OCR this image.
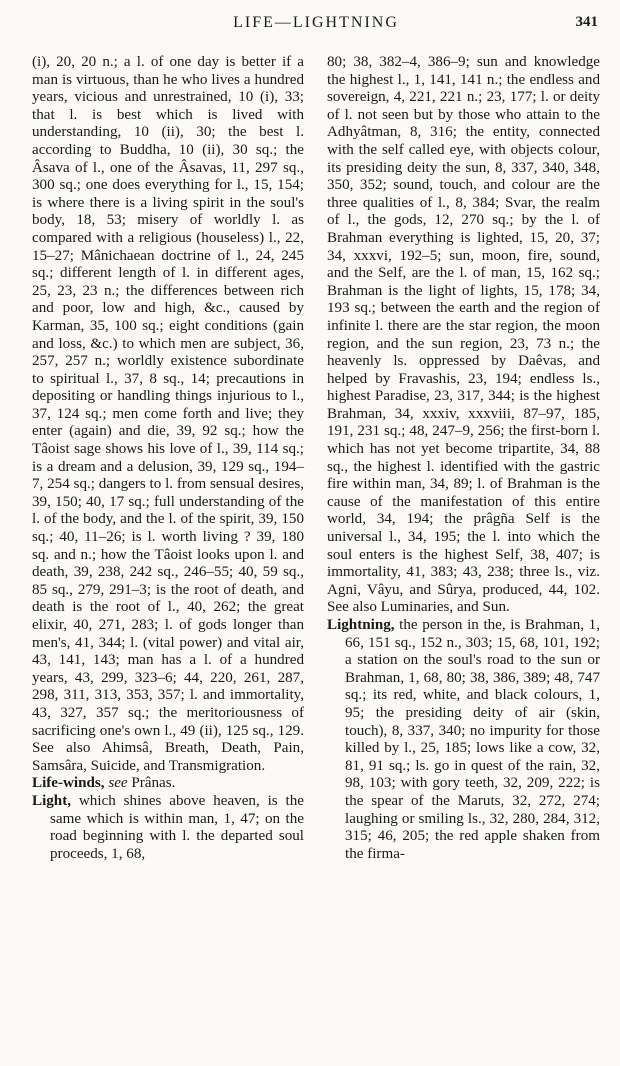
LIFE—LIGHTNING	341

(i), 20, 20 n.; a l. of one day is better if a man is virtuous, than he who lives a hundred years, vicious and unrestrained, 10 (i), 33; that l. is best which is lived with understanding, 10 (ii), 30; the best l. according to Buddha, 10 (ii), 30 sq.; the Âsava of l., one of the Âsavas, 11, 297 sq., 300 sq.; one does everything for l., 15, 154; is where there is a living spirit in the soul's body, 18, 53; misery of worldly l. as compared with a religious (houseless) l., 22, 15–27; Mânichaean doctrine of l., 24, 245 sq.; different length of l. in different ages, 25, 23, 23 n.; the differences between rich and poor, low and high, &c., caused by Karman, 35, 100 sq.; eight conditions (gain and loss, &c.) to which men are subject, 36, 257, 257 n.; worldly existence subordinate to spiritual l., 37, 8 sq., 14; precautions in depositing or handling things injurious to l., 37, 124 sq.; men come forth and live; they enter (again) and die, 39, 92 sq.; how the Tâoist sage shows his love of l., 39, 114 sq.; is a dream and a delusion, 39, 129 sq., 194–7, 254 sq.; dangers to l. from sensual desires, 39, 150; 40, 17 sq.; full understanding of the l. of the body, and the l. of the spirit, 39, 150 sq.; 40, 11–26; is l. worth living ? 39, 180 sq. and n.; how the Tâoist looks upon l. and death, 39, 238, 242 sq., 246–55; 40, 59 sq., 85 sq., 279, 291–3; is the root of death, and death is the root of l., 40, 262; the great elixir, 40, 271, 283; l. of gods longer than men's, 41, 344; l. (vital power) and vital air, 43, 141, 143; man has a l. of a hundred years, 43, 299, 323–6; 44, 220, 261, 287, 298, 311, 313, 353, 357; l. and immortality, 43, 327, 357 sq.; the meritoriousness of sacrificing one's own l., 49 (ii), 125 sq., 129. See also Ahimsâ, Breath, Death, Pain, Samsâra, Suicide, and Transmigration.

Life-winds, see Prânas.

Light, which shines above heaven, is the same which is within man, 1, 47; on the road beginning with l. the departed soul proceeds, 1, 68,

80; 38, 382–4, 386–9; sun and knowledge the highest l., 1, 141, 141 n.; the endless and sovereign, 4, 221, 221 n.; 23, 177; l. or deity of l. not seen but by those who attain to the Adhyâtman, 8, 316; the entity, connected with the self called eye, with objects colour, its presiding deity the sun, 8, 337, 340, 348, 350, 352; sound, touch, and colour are the three qualities of l., 8, 384; Svar, the realm of l., the gods, 12, 270 sq.; by the l. of Brahman everything is lighted, 15, 20, 37; 34, xxxvi, 192–5; sun, moon, fire, sound, and the Self, are the l. of man, 15, 162 sq.; Brahman is the light of lights, 15, 178; 34, 193 sq.; between the earth and the region of infinite l. there are the star region, the moon region, and the sun region, 23, 73 n.; the heavenly ls. oppressed by Daêvas, and helped by Fravashis, 23, 194; endless ls., highest Paradise, 23, 317, 344; is the highest Brahman, 34, xxxiv, xxxviii, 87–97, 185, 191, 231 sq.; 48, 247–9, 256; the first-born l. which has not yet become tripartite, 34, 88 sq., the highest l. identified with the gastric fire within man, 34, 89; l. of Brahman is the cause of the manifestation of this entire world, 34, 194; the prâgña Self is the universal l., 34, 195; the l. into which the soul enters is the highest Self, 38, 407; is immortality, 41, 383; 43, 238; three ls., viz. Agni, Vâyu, and Sûrya, produced, 44, 102. See also Luminaries, and Sun.

Lightning, the person in the, is Brahman, 1, 66, 151 sq., 152 n., 303; 15, 68, 101, 192; a station on the soul's road to the sun or Brahman, 1, 68, 80; 38, 386, 389; 48, 747 sq.; its red, white, and black colours, 1, 95; the presiding deity of air (skin, touch), 8, 337, 340; no impurity for those killed by l., 25, 185; lows like a cow, 32, 81, 91 sq.; ls. go in quest of the rain, 32, 98, 103; with gory teeth, 32, 209, 222; is the spear of the Maruts, 32, 272, 274; laughing or smiling ls., 32, 280, 284, 312, 315; 46, 205; the red apple shaken from the firma-
